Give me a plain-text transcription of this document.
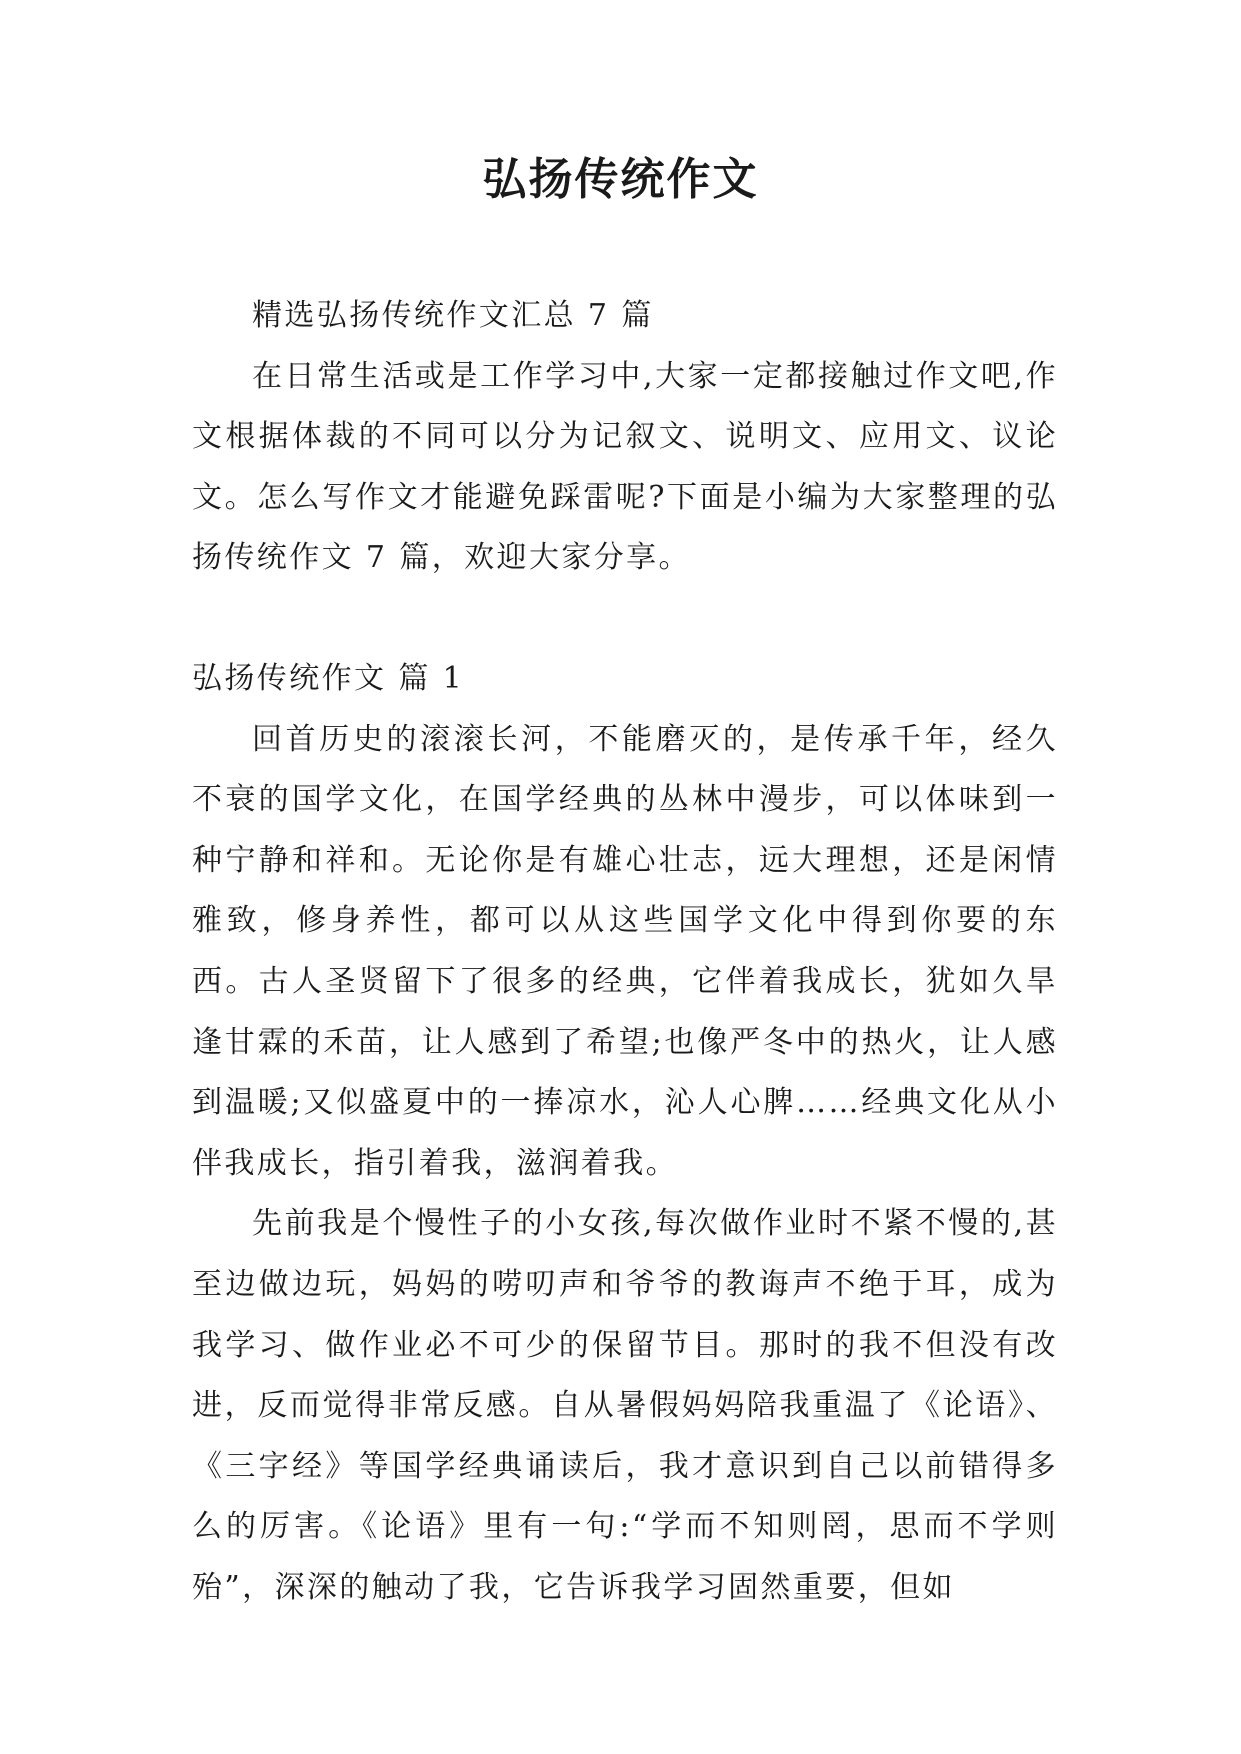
弘扬传统作文

精选弘扬传统作文汇总 7 篇

在日常生活或是工作学习中,大家一定都接触过作文吧,作文根据体裁的不同可以分为记叙文、说明文、应用文、议论文。怎么写作文才能避免踩雷呢?下面是小编为大家整理的弘扬传统作文 7 篇，欢迎大家分享。

弘扬传统作文 篇 1

回首历史的滚滚长河，不能磨灭的，是传承千年，经久不衰的国学文化，在国学经典的丛林中漫步，可以体味到一种宁静和祥和。无论你是有雄心壮志，远大理想，还是闲情雅致，修身养性，都可以从这些国学文化中得到你要的东西。古人圣贤留下了很多的经典，它伴着我成长，犹如久旱逢甘霖的禾苗，让人感到了希望;也像严冬中的热火，让人感到温暖;又似盛夏中的一捧凉水，沁人心脾……经典文化从小伴我成长，指引着我，滋润着我。

先前我是个慢性子的小女孩,每次做作业时不紧不慢的,甚至边做边玩，妈妈的唠叨声和爷爷的教诲声不绝于耳，成为我学习、做作业必不可少的保留节目。那时的我不但没有改进，反而觉得非常反感。自从暑假妈妈陪我重温了《论语》、《三字经》等国学经典诵读后，我才意识到自己以前错得多么的厉害。《论语》里有一句:“学而不知则罔，思而不学则殆”，深深的触动了我，它告诉我学习固然重要，但如
